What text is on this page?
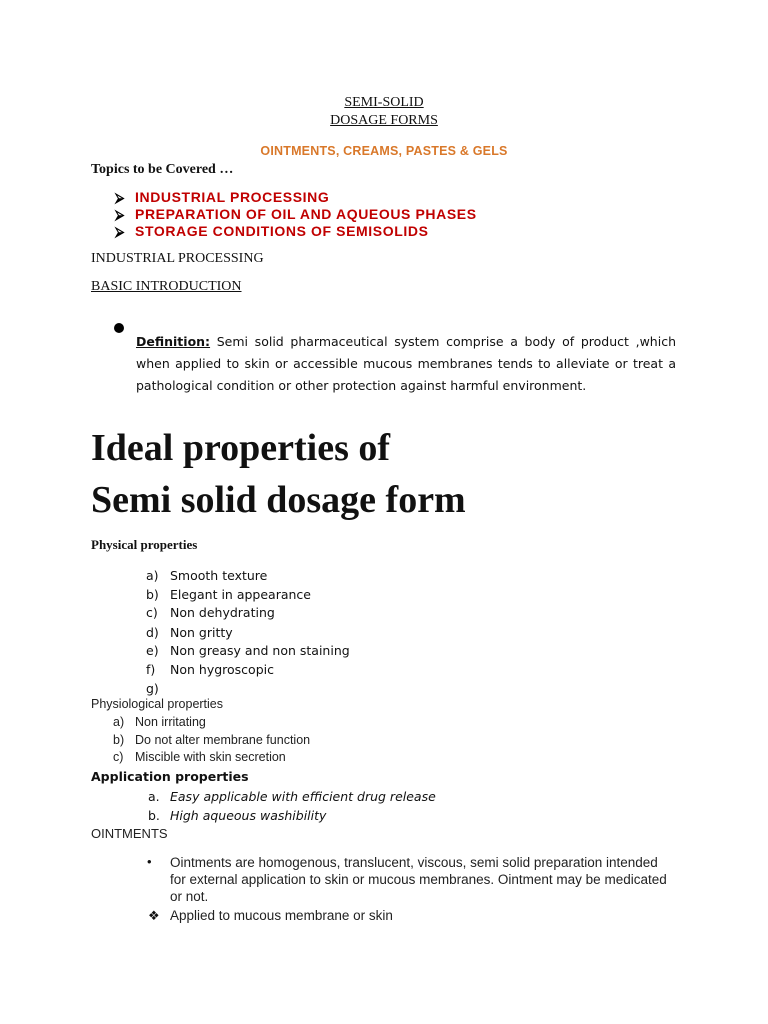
SEMI-SOLID
DOSAGE FORMS
OINTMENTS, CREAMS, PASTES & GELS
Topics to be Covered …
⮚ INDUSTRIAL PROCESSING
⮚ PREPARATION OF OIL AND AQUEOUS PHASES
⮚ STORAGE CONDITIONS OF SEMISOLIDS
INDUSTRIAL PROCESSING
BASIC INTRODUCTION
Definition: Semi solid pharmaceutical system comprise a body of product ,which when applied to skin or accessible mucous membranes tends to alleviate or treat a pathological condition or other protection against harmful environment.
Ideal properties of
Semi solid dosage form
Physical properties
a) Smooth texture
b) Elegant in appearance
c) Non dehydrating
d) Non gritty
e) Non greasy and non staining
f) Non hygroscopic
g)
Physiological properties
a) Non irritating
b) Do not alter membrane function
c) Miscible with skin secretion
Application properties
a. Easy applicable with efficient drug release
b. High aqueous washibility
OINTMENTS
• Ointments are homogenous, translucent, viscous, semi solid preparation intended for external application to skin or mucous membranes. Ointment may be medicated or not.
❖ Applied to mucous membrane or skin
